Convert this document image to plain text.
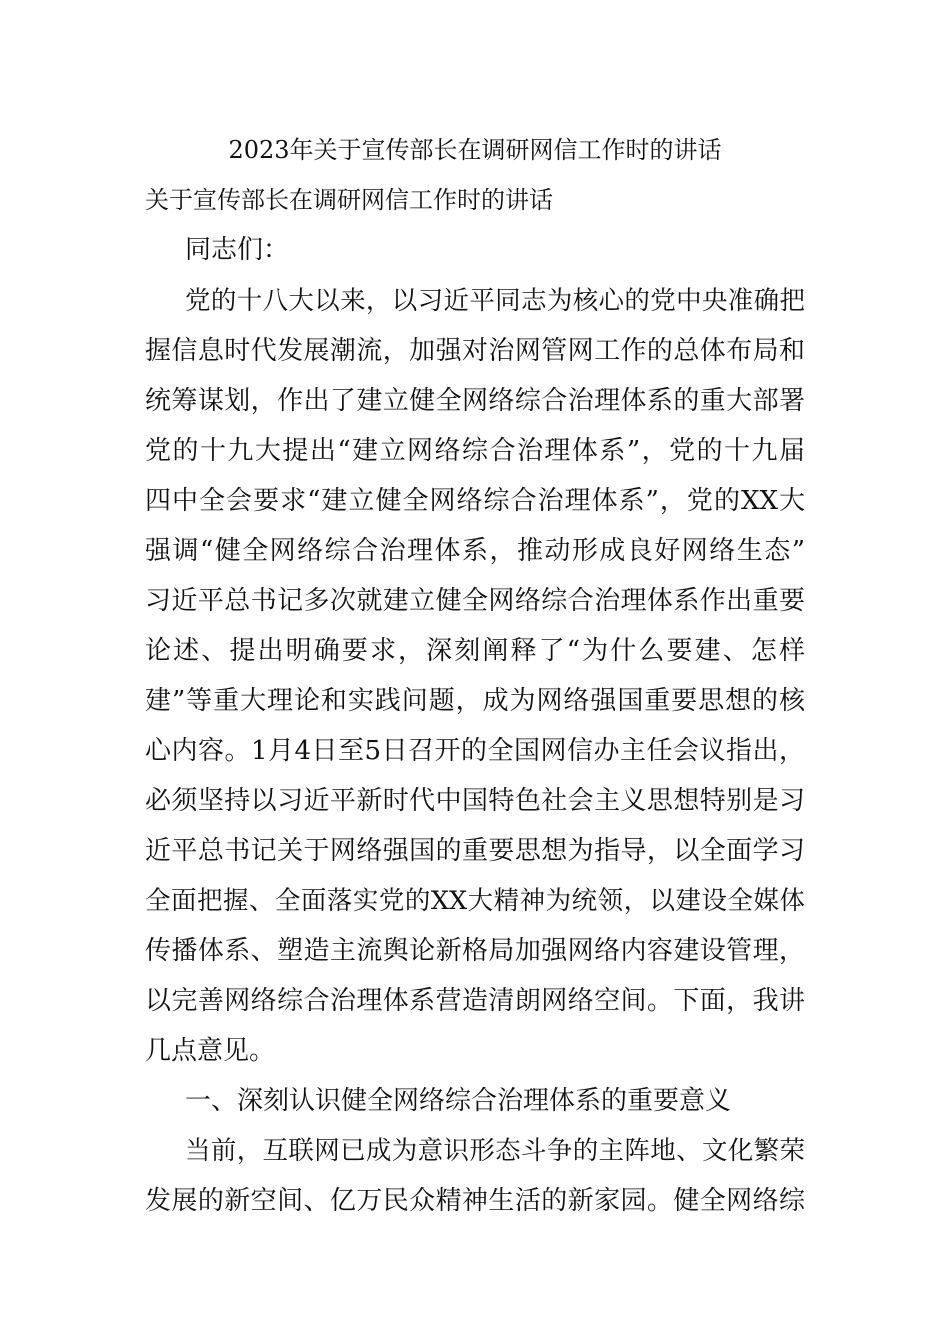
2023年关于宣传部长在调研网信工作时的讲话
关于宣传部长在调研网信工作时的讲话
同志们：
党的十八大以来，以习近平同志为核心的党中央准确把
握信息时代发展潮流，加强对治网管网工作的总体布局和
统筹谋划，作出了建立健全网络综合治理体系的重大部署
党的十九大提出“建立网络综合治理体系”，党的十九届
四中全会要求“建立健全网络综合治理体系”，党的XX大
强调“健全网络综合治理体系，推动形成良好网络生态”
习近平总书记多次就建立健全网络综合治理体系作出重要
论述、提出明确要求，深刻阐释了“为什么要建、怎样
建”等重大理论和实践问题，成为网络强国重要思想的核
心内容。1月4日至5日召开的全国网信办主任会议指出，
必须坚持以习近平新时代中国特色社会主义思想特别是习
近平总书记关于网络强国的重要思想为指导，以全面学习
全面把握、全面落实党的XX大精神为统领，以建设全媒体
传播体系、塑造主流舆论新格局加强网络内容建设管理，
以完善网络综合治理体系营造清朗网络空间。下面，我讲
几点意见。
一、深刻认识健全网络综合治理体系的重要意义
当前，互联网已成为意识形态斗争的主阵地、文化繁荣
发展的新空间、亿万民众精神生活的新家园。健全网络综
